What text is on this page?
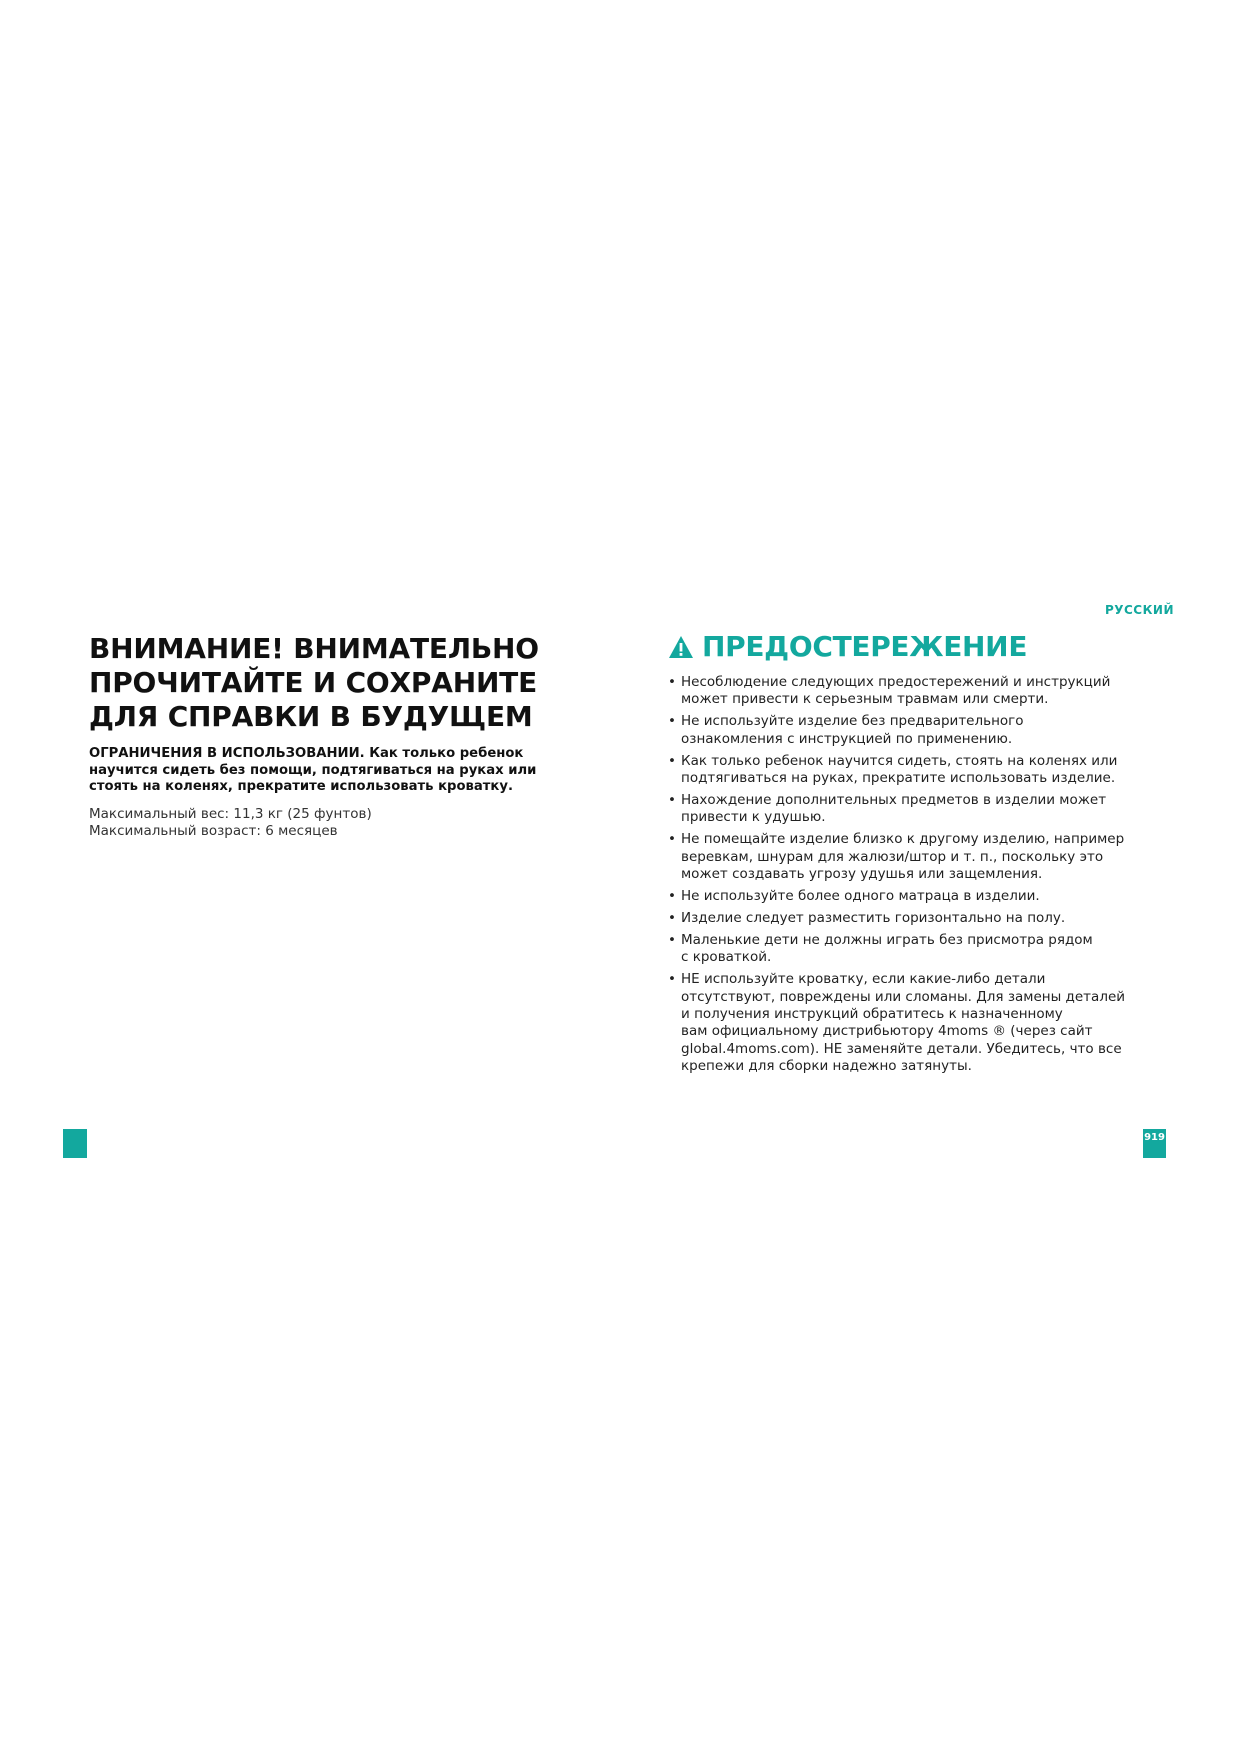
РУССКИЙ
ВНИМАНИЕ! ВНИМАТЕЛЬНО
ПРОЧИТАЙТЕ И СОХРАНИТЕ
ДЛЯ СПРАВКИ В БУДУЩЕМ

ОГРАНИЧЕНИЯ В ИСПОЛЬЗОВАНИИ. Как только ребенок
научится сидеть без помощи, подтягиваться на руках или
стоять на коленях, прекратите использовать кроватку.

Максимальный вес: 11,3 кг (25 фунтов)
Максимальный возраст: 6 месяцев
ПРЕДОСТЕРЕЖЕНИЕ
• Несоблюдение следующих предостережений и инструкций
может привести к серьезным травмам или смерти.
• Не используйте изделие без предварительного
ознакомления с инструкцией по применению.
• Как только ребенок научится сидеть, стоять на коленях или
подтягиваться на руках, прекратите использовать изделие.
• Нахождение дополнительных предметов в изделии может
привести к удушью.
• Не помещайте изделие близко к другому изделию, например
веревкам, шнурам для жалюзи/штор и т. п., поскольку это
может создавать угрозу удушья или защемления.
• Не используйте более одного матраца в изделии.
• Изделие следует разместить горизонтально на полу.
• Маленькие дети не должны играть без присмотра рядом
с кроваткой.
• НЕ используйте кроватку, если какие-либо детали
отсутствуют, повреждены или сломаны. Для замены деталей
и получения инструкций обратитесь к назначенному
вам официальному дистрибьютору 4moms ® (через сайт
global.4moms.com). НЕ заменяйте детали. Убедитесь, что все
крепежи для сборки надежно затянуты.
919
